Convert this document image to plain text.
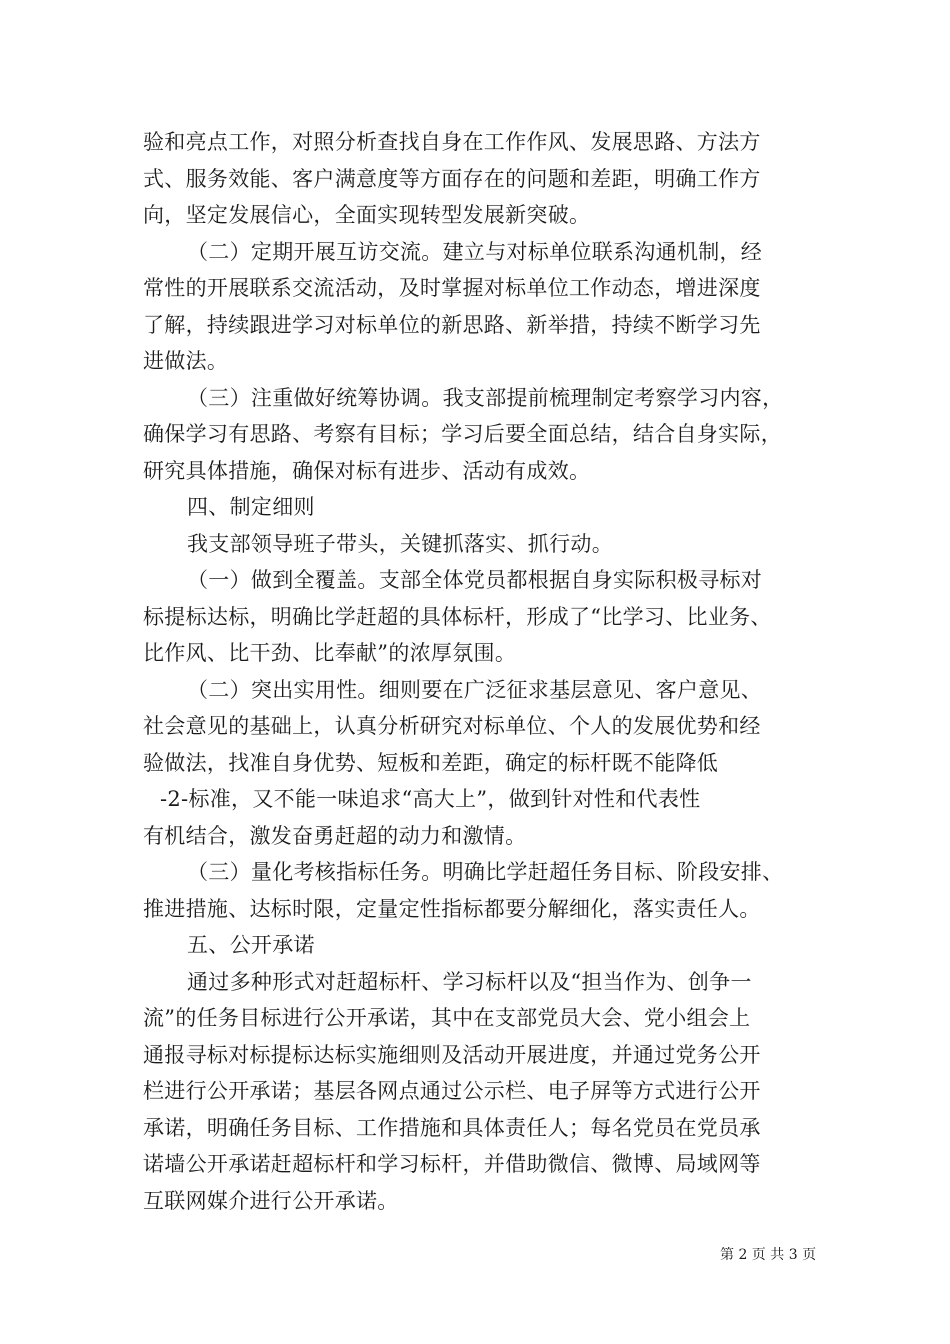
验和亮点工作，对照分析查找自身在工作作风、发展思路、方法方
式、服务效能、客户满意度等方面存在的问题和差距，明确工作方
向，坚定发展信心，全面实现转型发展新突破。
（二）定期开展互访交流。建立与对标单位联系沟通机制，经
常性的开展联系交流活动，及时掌握对标单位工作动态，增进深度
了解，持续跟进学习对标单位的新思路、新举措，持续不断学习先
进做法。
（三）注重做好统筹协调。我支部提前梳理制定考察学习内容，
确保学习有思路、考察有目标；学习后要全面总结，结合自身实际，
研究具体措施，确保对标有进步、活动有成效。
四、制定细则
我支部领导班子带头，关键抓落实、抓行动。
（一）做到全覆盖。支部全体党员都根据自身实际积极寻标对
标提标达标，明确比学赶超的具体标杆，形成了“比学习、比业务、
比作风、比干劲、比奉献”的浓厚氛围。
（二）突出实用性。细则要在广泛征求基层意见、客户意见、
社会意见的基础上，认真分析研究对标单位、个人的发展优势和经
验做法，找准自身优势、短板和差距，确定的标杆既不能降低
-2-标准，又不能一味追求“高大上”，做到针对性和代表性
有机结合，激发奋勇赶超的动力和激情。
（三）量化考核指标任务。明确比学赶超任务目标、阶段安排、
推进措施、达标时限，定量定性指标都要分解细化，落实责任人。
五、公开承诺
通过多种形式对赶超标杆、学习标杆以及“担当作为、创争一
流”的任务目标进行公开承诺，其中在支部党员大会、党小组会上
通报寻标对标提标达标实施细则及活动开展进度，并通过党务公开
栏进行公开承诺；基层各网点通过公示栏、电子屏等方式进行公开
承诺，明确任务目标、工作措施和具体责任人；每名党员在党员承
诺墙公开承诺赶超标杆和学习标杆，并借助微信、微博、局域网等
互联网媒介进行公开承诺。
第 2 页 共 3 页
